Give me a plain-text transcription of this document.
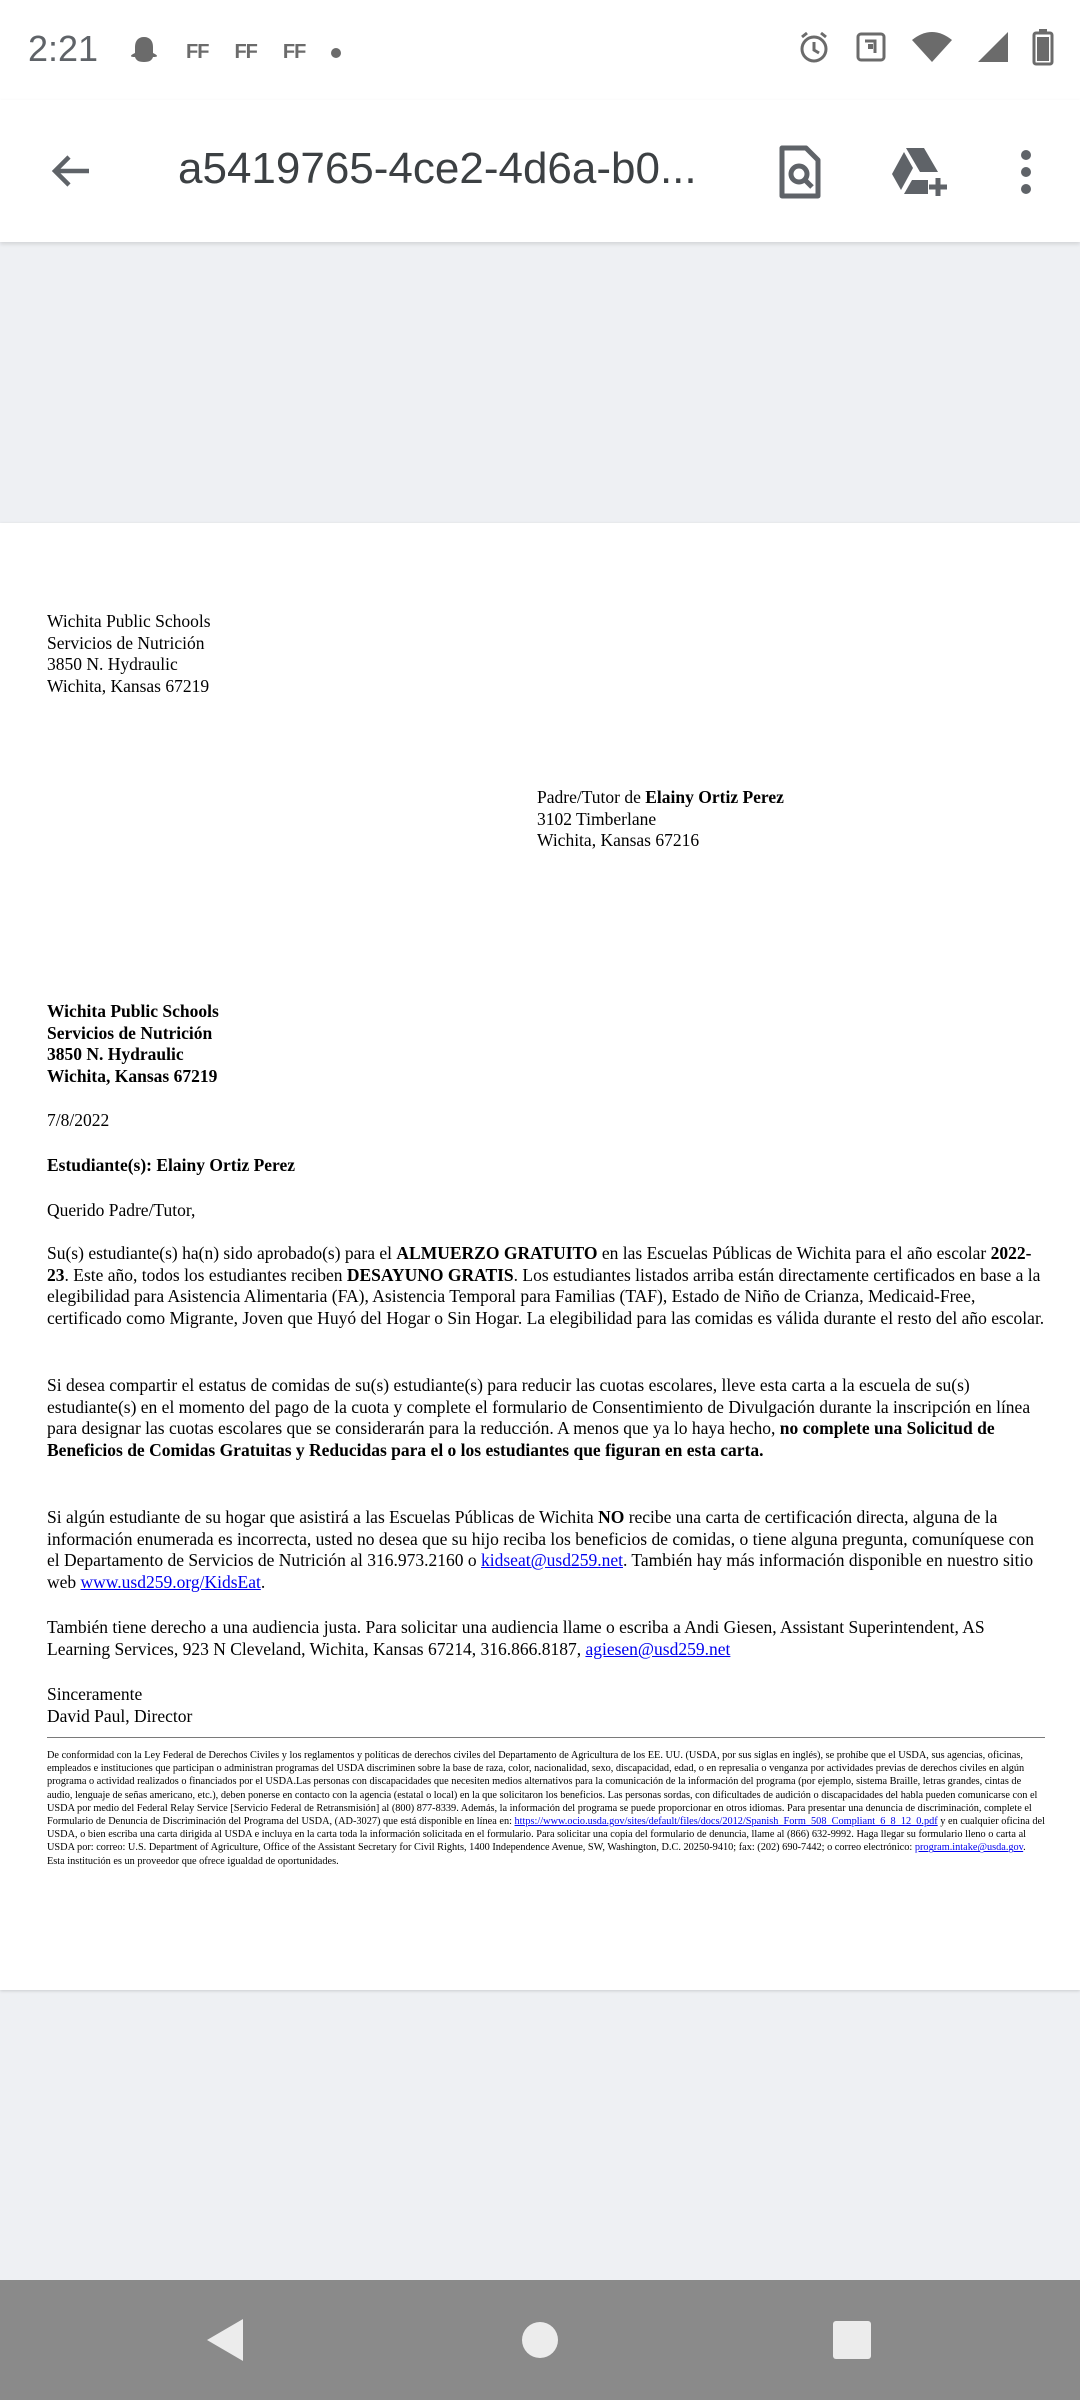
2:21	FF FF FF
a5419765-4ce2-4d6a-b0...
Wichita Public Schools
Servicios de Nutrición
3850 N. Hydraulic
Wichita, Kansas 67219
Padre/Tutor de Elainy Ortiz Perez
3102 Timberlane
Wichita, Kansas 67216
Wichita Public Schools
Servicios de Nutrición
3850 N. Hydraulic
Wichita, Kansas 67219
7/8/2022
Estudiante(s): Elainy Ortiz Perez
Querido Padre/Tutor,
Su(s) estudiante(s) ha(n) sido aprobado(s) para el ALMUERZO GRATUITO en las Escuelas Públicas de Wichita para el año escolar 2022-23. Este año, todos los estudiantes reciben DESAYUNO GRATIS. Los estudiantes listados arriba están directamente certificados en base a la elegibilidad para Asistencia Alimentaria (FA), Asistencia Temporal para Familias (TAF), Estado de Niño de Crianza, Medicaid-Free, certificado como Migrante, Joven que Huyó del Hogar o Sin Hogar. La elegibilidad para las comidas es válida durante el resto del año escolar.
Si desea compartir el estatus de comidas de su(s) estudiante(s) para reducir las cuotas escolares, lleve esta carta a la escuela de su(s) estudiante(s) en el momento del pago de la cuota y complete el formulario de Consentimiento de Divulgación durante la inscripción en línea para designar las cuotas escolares que se considerarán para la reducción. A menos que ya lo haya hecho, no complete una Solicitud de Beneficios de Comidas Gratuitas y Reducidas para el o los estudiantes que figuran en esta carta.
Si algún estudiante de su hogar que asistirá a las Escuelas Públicas de Wichita NO recibe una carta de certificación directa, alguna de la información enumerada es incorrecta, usted no desea que su hijo reciba los beneficios de comidas, o tiene alguna pregunta, comuníquese con el Departamento de Servicios de Nutrición al 316.973.2160 o kidseat@usd259.net. También hay más información disponible en nuestro sitio web www.usd259.org/KidsEat.
También tiene derecho a una audiencia justa. Para solicitar una audiencia llame o escriba a Andi Giesen, Assistant Superintendent, AS Learning Services, 923 N Cleveland, Wichita, Kansas 67214, 316.866.8187, agiesen@usd259.net
Sinceramente
David Paul, Director
De conformidad con la Ley Federal de Derechos Civiles y los reglamentos y políticas de derechos civiles del Departamento de Agricultura de los EE. UU. (USDA, por sus siglas en inglés), se prohíbe que el USDA, sus agencias, oficinas, empleados e instituciones que participan o administran programas del USDA discriminen sobre la base de raza, color, nacionalidad, sexo, discapacidad, edad, o en represalia o venganza por actividades previas de derechos civiles en algún programa o actividad realizados o financiados por el USDA.Las personas con discapacidades que necesiten medios alternativos para la comunicación de la información del programa (por ejemplo, sistema Braille, letras grandes, cintas de audio, lenguaje de señas americano, etc.), deben ponerse en contacto con la agencia (estatal o local) en la que solicitaron los beneficios. Las personas sordas, con dificultades de audición o discapacidades del habla pueden comunicarse con el USDA por medio del Federal Relay Service [Servicio Federal de Retransmisión] al (800) 877-8339. Además, la información del programa se puede proporcionar en otros idiomas. Para presentar una denuncia de discriminación, complete el Formulario de Denuncia de Discriminación del Programa del USDA, (AD-3027) que está disponible en línea en: https://www.ocio.usda.gov/sites/default/files/docs/2012/Spanish_Form_508_Compliant_6_8_12_0.pdf y en cualquier oficina del USDA, o bien escriba una carta dirigida al USDA e incluya en la carta toda la información solicitada en el formulario. Para solicitar una copia del formulario de denuncia, llame al (866) 632-9992. Haga llegar su formulario lleno o carta al USDA por: correo: U.S. Department of Agriculture, Office of the Assistant Secretary for Civil Rights, 1400 Independence Avenue, SW, Washington, D.C. 20250-9410; fax: (202) 690-7442; o correo electrónico: program.intake@usda.gov. Esta institución es un proveedor que ofrece igualdad de oportunidades.
